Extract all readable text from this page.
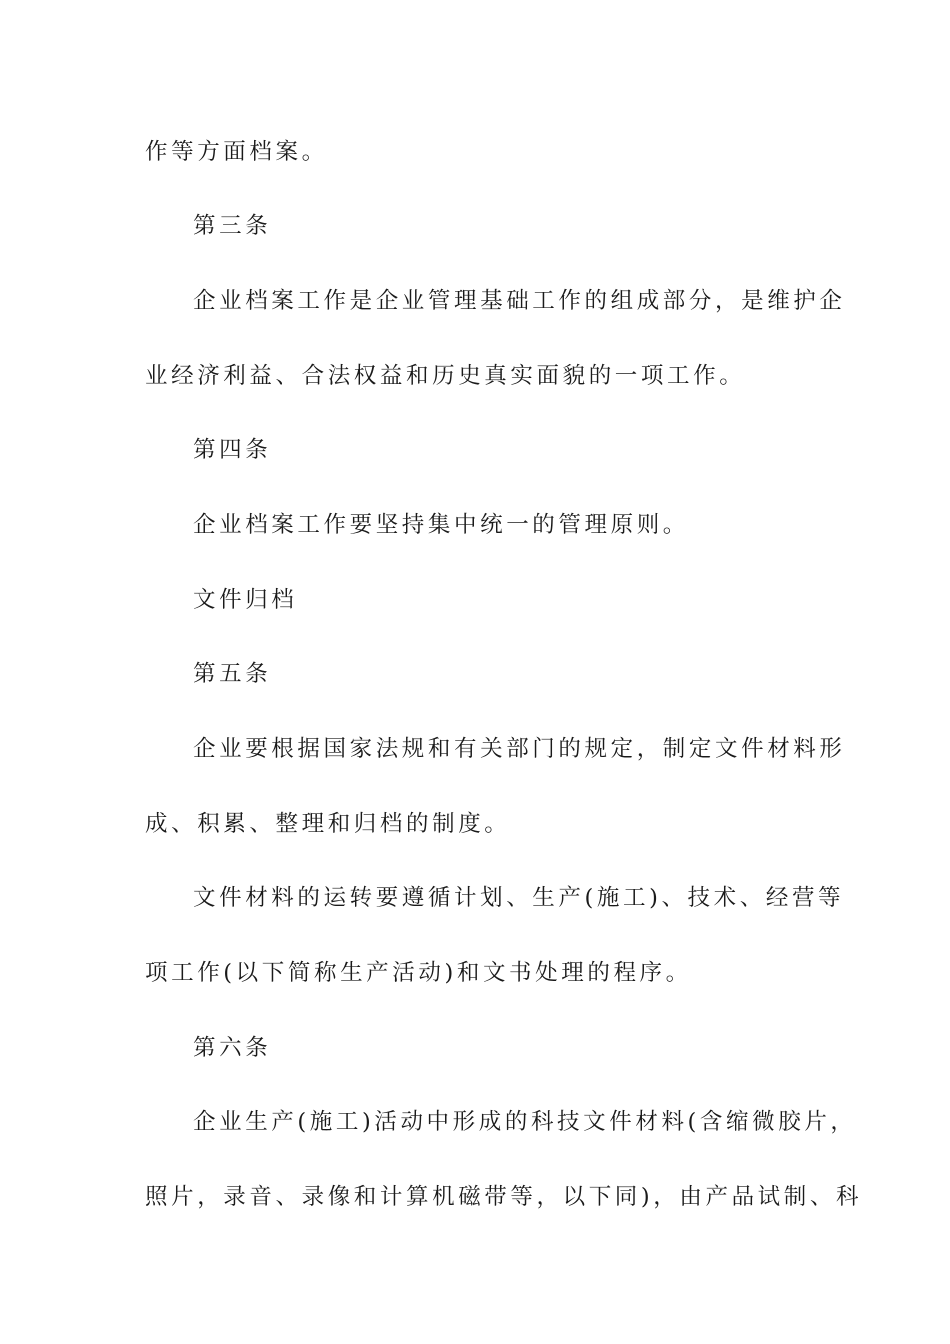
作等方面档案。
第三条
企业档案工作是企业管理基础工作的组成部分，是维护企
业经济利益、合法权益和历史真实面貌的一项工作。
第四条
企业档案工作要坚持集中统一的管理原则。
文件归档
第五条
企业要根据国家法规和有关部门的规定，制定文件材料形
成、积累、整理和归档的制度。
文件材料的运转要遵循计划、生产(施工)、技术、经营等
项工作(以下简称生产活动)和文书处理的程序。
第六条
企业生产(施工)活动中形成的科技文件材料(含缩微胶片，
照片，录音、录像和计算机磁带等，以下同)，由产品试制、科
